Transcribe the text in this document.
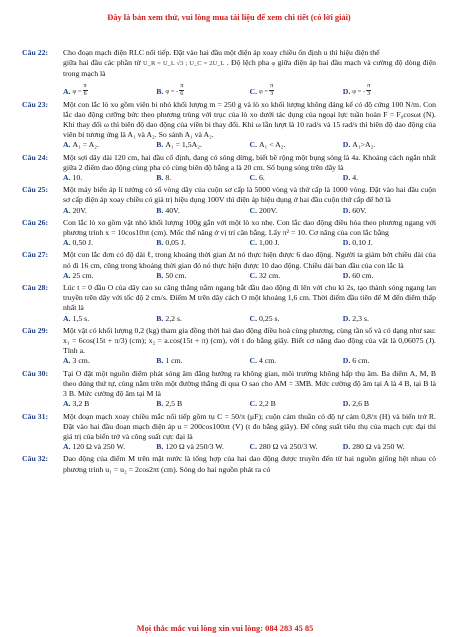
Đây là bản xem thử, vui lòng mua tài liệu để xem chi tiết (có lời giải)
Câu 22:	Cho đoạn mạch điện RLC nối tiếp. Đặt vào hai đầu một điện áp xoay chiều ổn định u thì hiệu điện thế
giữa hai đầu các phần tử U_R = U_L √3 ; U_C = 2U_L . Độ lệch pha φ giữa điện áp hai đầu mạch và cường độ dòng điện trong mạch là
A. $\varphi = \frac{\pi}{6}$	B. φ = - $\frac{\pi}{6}$	C. $\varphi = \frac{\pi}{3}$	D. φ = - $\frac{\pi}{3}$
Câu 23:	Một con lắc lò xo gồm viên bi nhỏ khối lượng m = 250 g và lò xo khối lượng không đáng kể có độ cứng 100 N/m. Con lắc dao động cưỡng bức theo phương trùng với trục của lò xo dưới tác dụng của ngoại lực tuần hoàn F = F₀cosωt (N). Khi thay đổi ω thì biên độ dao động của viên bi thay đổi. Khi ω lần lượt là 10 rad/s và 15 rad/s thì biên độ dao động của viên bi tương ứng là A₁ và A₂. So sánh A₁ và A₂.
A. A₁ = A₂.	B. A₁ = 1,5A₂.	C. A₁ < A₂.	D. A₁>A₂.
Câu 24:	Một sợi dây dài 120 cm, hai đầu cố định, đang có sóng dừng, biết bề rộng một bụng sóng là 4a. Khoảng cách ngắn nhất giữa 2 điểm dao động cùng pha có cùng biên độ bằng a là 20 cm. Số bụng sóng trên dây là
A. 10.	B. 8.	C. 6.	D. 4.
Câu 25:	Một máy biến áp lí tưởng có số vòng dây của cuộn sơ cấp là 5000 vòng và thứ cấp là 1000 vòng. Đặt vào hai đầu cuộn sơ cấp điện áp xoay chiều có giá trị hiệu dụng 100V thì điện áp hiệu dụng ở hai đầu cuộn thứ cấp để hở là
A. 20V.	B. 40V.	C. 200V.	D. 60V.
Câu 26:	Con lắc lò xo gồm vật nhỏ khối lượng 100g gắn với một lò xo nhẹ. Con lắc dao động điều hòa theo phương ngang với phương trình x = 10cos10πt (cm). Mốc thế năng ở vị trí cân bằng. Lấy π² = 10. Cơ năng của con lắc bằng
A. 0,50 J.	B. 0,05 J.	C. 1,00 J.	D. 0,10 J.
Câu 27:	Một con lắc đơn có độ dài ℓ, trong khoảng thời gian Δt nó thực hiện được 6 dao động. Người ta giảm bớt chiều dài của nó đi 16 cm, cũng trong khoảng thời gian đó nó thực hiện được 10 dao động. Chiều dài ban đầu của con lắc là
A. 25 cm.	B. 50 cm.	C. 32 cm.	D. 60 cm.
Câu 28:	Lúc t = 0 đầu O của dây cao su căng thẳng nằm ngang bắt đầu dao động đi lên với chu kì 2s, tạo thành sóng ngang lan truyền trên dây với tốc độ 2 cm/s. Điểm M trên dây cách O một khoảng 1,6 cm. Thời điểm đầu tiên để M đến điểm thấp nhất là
A. 1,5 s.	B. 2,2 s.	C. 0,25 s.	D. 2,3 s.
Câu 29:	Một vật có khối lượng 0,2 (kg) tham gia đồng thời hai dao động điều hoà cùng phương, cùng tần số và có dạng như sau: x₁ = 6cos(15t + π/3) (cm); x₂ = a.cos(15t + π) (cm), với t đo bằng giây. Biết cơ năng dao động của vật là 0,06075 (J). Tính a.
A. 3 cm.	B. 1 cm.	C. 4 cm.	D. 6 cm.
Câu 30:	Tại O đặt một nguồn điểm phát sóng âm đẳng hướng ra không gian, môi trường không hấp thụ âm. Ba điểm A, M, B theo đúng thứ tự, cùng nằm trên một đường thẳng đi qua O sao cho AM = 3MB. Mức cường độ âm tại A là 4 B, tại B là 3 B. Mức cường độ âm tại M là
A. 3,2 B	B. 2,5 B	C. 2,2 B	D. 2,6 B
Câu 31:	Một đoạn mạch xoay chiều mắc nối tiếp gồm tụ C = 50/π (μF); cuộn cảm thuần có độ tự cảm 0,8/π (H) và biến trở R. Đặt vào hai đầu đoạn mạch điện áp u = 200cos100πt (V) (t đo bằng giây). Để công suất tiêu thụ của mạch cực đại thì giá trị của biến trở và công suất cực đại là
A. 120 Ω và 250 W.	B. 120 Ω và 250/3 W.	C. 280 Ω và 250/3 W.	D. 280 Ω và 250 W.
Câu 32:	Dao động của điểm M trên mặt nước là tổng hợp của hai dao động được truyền đến từ hai nguồn giống hệt nhau có phương trình u₁ = u₂ = 2cos2πt (cm). Sóng do hai nguồn phát ra có
Mọi thắc mắc vui lòng xin vui lòng: 084 283 45 85
